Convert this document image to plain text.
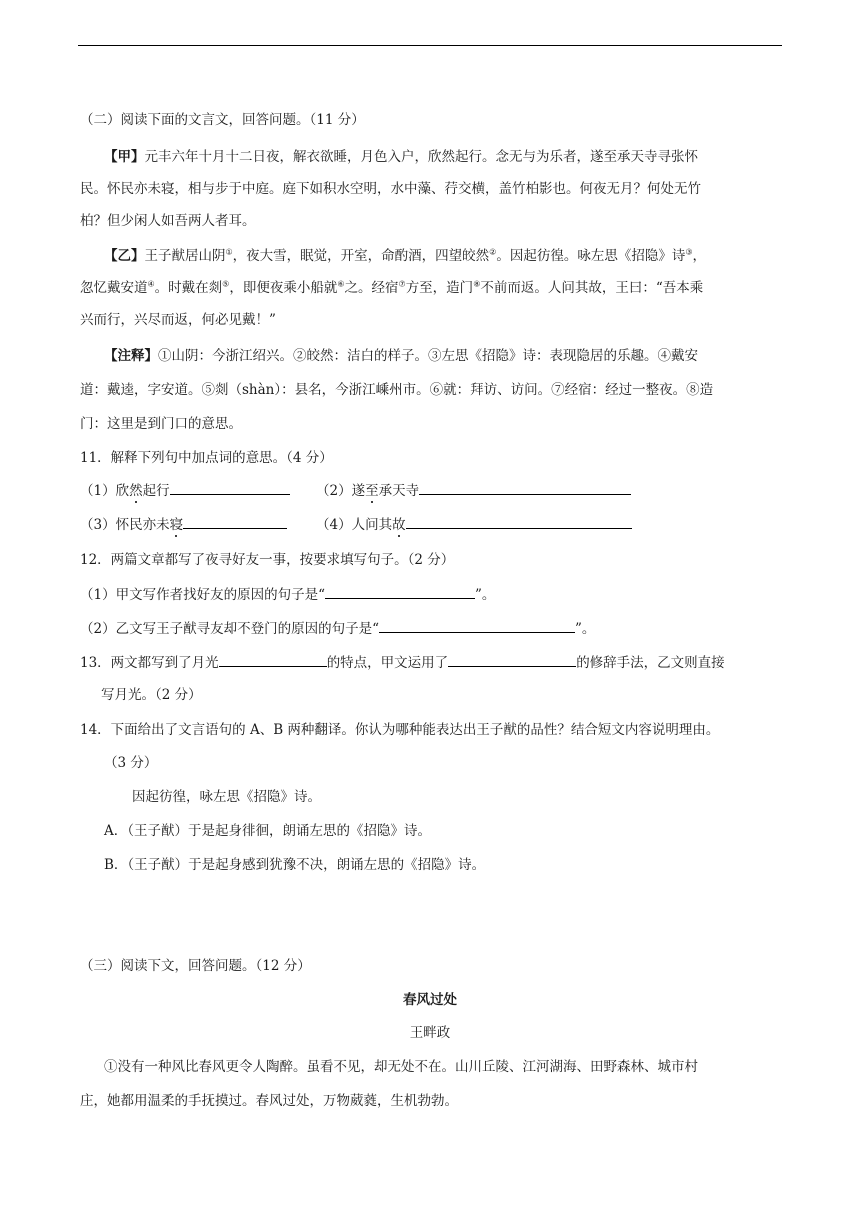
（二）阅读下面的文言文，回答问题。（11 分）
【甲】元丰六年十月十二日夜，解衣欲睡，月色入户，欣然起行。念无与为乐者，遂至承天寺寻张怀
民。怀民亦未寝，相与步于中庭。庭下如积水空明，水中藻、荇交横，盖竹柏影也。何夜无月？何处无竹
柏？但少闲人如吾两人者耳。
【乙】王子猷居山阴①，夜大雪，眠觉，开室，命酌酒，四望皎然②。因起彷徨。咏左思《招隐》诗③，
忽忆戴安道④。时戴在剡⑤，即便夜乘小船就⑥之。经宿⑦方至，造门⑧不前而返。人问其故，王曰：“吾本乘
兴而行，兴尽而返，何必见戴！”
【注释】①山阴：今浙江绍兴。②皎然：洁白的样子。③左思《招隐》诗：表现隐居的乐趣。④戴安
道：戴逵，字安道。⑤剡（shàn）：县名，今浙江嵊州市。⑥就：拜访、访问。⑦经宿：经过一整夜。⑧造
门：这里是到门口的意思。
11．解释下列句中加点词的意思。（4 分）
（1）欣然起行	（2）遂至承天寺
（3）怀民亦未寝	（4）人问其故
12．两篇文章都写了夜寻好友一事，按要求填写句子。（2 分）
（1）甲文写作者找好友的原因的句子是“	”。
（2）乙文写王子猷寻友却不登门的原因的句子是“	”。
13．两文都写到了月光	的特点，甲文运用了	的修辞手法，乙文则直接
写月光。（2 分）
14．下面给出了文言语句的 A、B 两种翻译。你认为哪种能表达出王子猷的品性？结合短文内容说明理由。
（3 分）
因起彷徨，咏左思《招隐》诗。
A．（王子猷）于是起身徘徊，朗诵左思的《招隐》诗。
B．（王子猷）于是起身感到犹豫不决，朗诵左思的《招隐》诗。
（三）阅读下文，回答问题。（12 分）
春风过处
王畔政
①没有一种风比春风更令人陶醉。虽看不见，却无处不在。山川丘陵、江河湖海、田野森林、城市村
庄，她都用温柔的手抚摸过。春风过处，万物葳蕤，生机勃勃。
